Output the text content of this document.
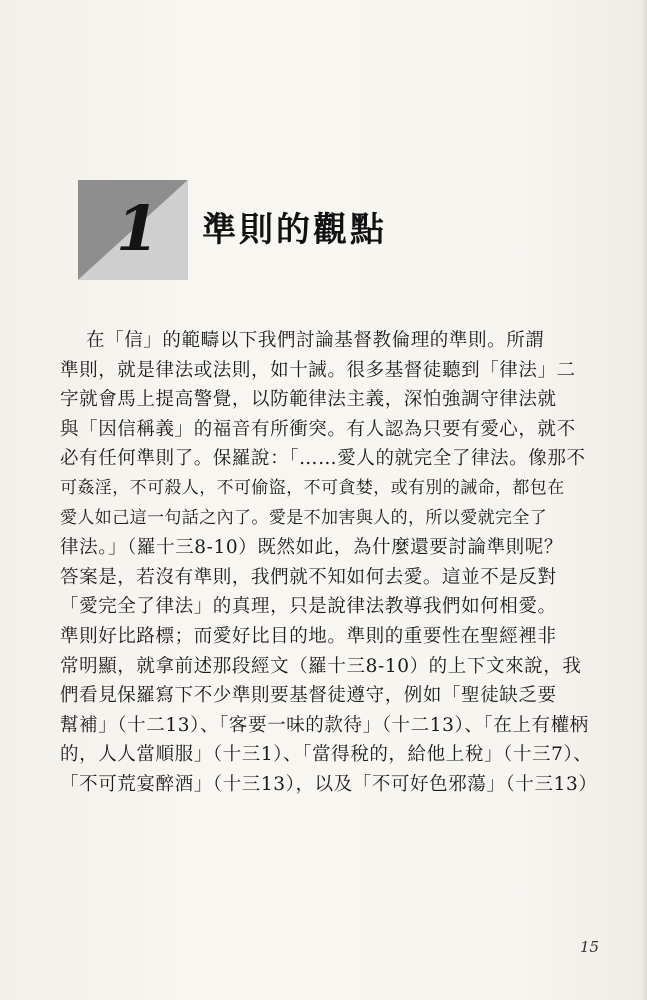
1 準則的觀點
在「信」的範疇以下我們討論基督教倫理的準則。所謂
準則，就是律法或法則，如十誡。很多基督徒聽到「律法」二
字就會馬上提高警覺，以防範律法主義，深怕強調守律法就
與「因信稱義」的福音有所衝突。有人認為只要有愛心，就不
必有任何準則了。保羅說：「……愛人的就完全了律法。像那不
可姦淫，不可殺人，不可偷盜，不可貪婪，或有別的誡命，都包在
愛人如己這一句話之內了。愛是不加害與人的，所以愛就完全了
律法。」（羅十三8-10）既然如此，為什麼還要討論準則呢？
答案是，若沒有準則，我們就不知如何去愛。這並不是反對
「愛完全了律法」的真理，只是說律法教導我們如何相愛。
準則好比路標；而愛好比目的地。準則的重要性在聖經裡非
常明顯，就拿前述那段經文（羅十三8-10）的上下文來說，我
們看見保羅寫下不少準則要基督徒遵守，例如「聖徒缺乏要
幫補」（十二13）、「客要一味的款待」（十二13）、「在上有權柄
的，人人當順服」（十三1）、「當得稅的，給他上稅」（十三7）、
「不可荒宴醉酒」（十三13），以及「不可好色邪蕩」（十三13）
15
